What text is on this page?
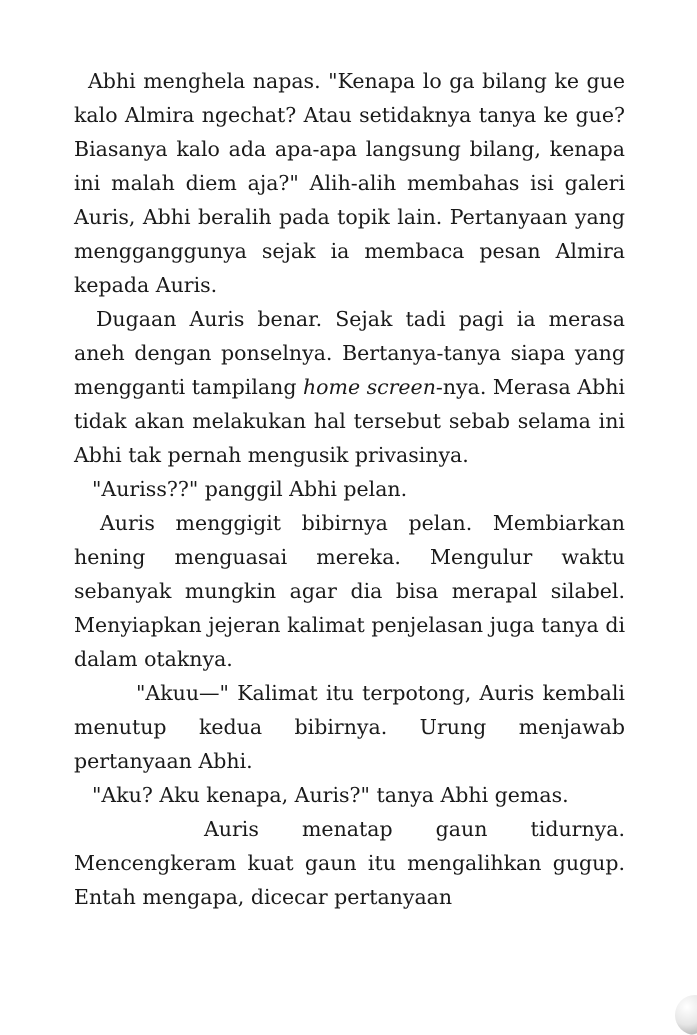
Abhi menghela napas. "Kenapa lo ga bilang ke gue kalo Almira ngechat? Atau setidaknya tanya ke gue? Biasanya kalo ada apa-apa langsung bilang, kenapa ini malah diem aja?" Alih-alih membahas isi galeri Auris, Abhi beralih pada topik lain. Pertanyaan yang mengganggunya sejak ia membaca pesan Almira kepada Auris.

Dugaan Auris benar. Sejak tadi pagi ia merasa aneh dengan ponselnya. Bertanya-tanya siapa yang mengganti tampilang home screen-nya. Merasa Abhi tidak akan melakukan hal tersebut sebab selama ini Abhi tak pernah mengusik privasinya.

"Auriss??" panggil Abhi pelan.

Auris menggigit bibirnya pelan. Membiarkan hening menguasai mereka. Mengulur waktu sebanyak mungkin agar dia bisa merapal silabel. Menyiapkan jejeran kalimat penjelasan juga tanya di dalam otaknya.

"Akuu—" Kalimat itu terpotong, Auris kembali menutup kedua bibirnya. Urung menjawab pertanyaan Abhi.

"Aku? Aku kenapa, Auris?" tanya Abhi gemas.

Auris menatap gaun tidurnya. Mencengkeram kuat gaun itu mengalihkan gugup. Entah mengapa, dicecar pertanyaan
